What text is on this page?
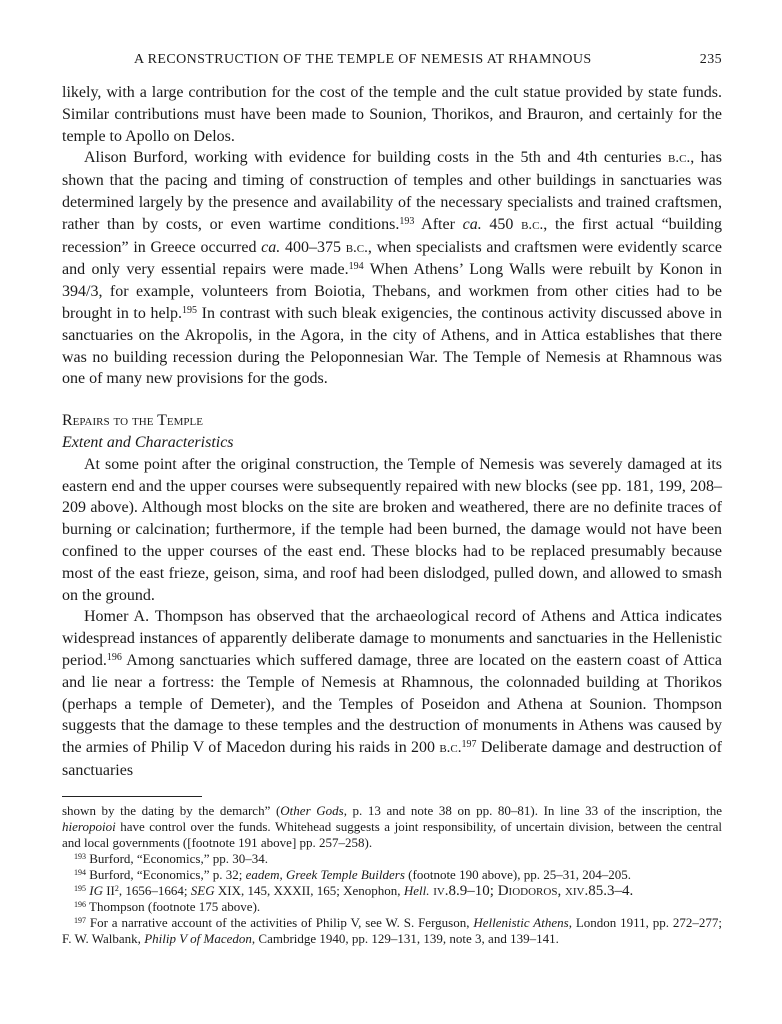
A RECONSTRUCTION OF THE TEMPLE OF NEMESIS AT RHAMNOUS	235

likely, with a large contribution for the cost of the temple and the cult statue provided by state funds. Similar contributions must have been made to Sounion, Thorikos, and Brauron, and certainly for the temple to Apollo on Delos.

Alison Burford, working with evidence for building costs in the 5th and 4th centuries b.c., has shown that the pacing and timing of construction of temples and other buildings in sanctuaries was determined largely by the presence and availability of the necessary specialists and trained craftsmen, rather than by costs, or even wartime conditions.$^{193}$ After ca. 450 b.c., the first actual “building recession” in Greece occurred ca. 400–375 b.c., when specialists and craftsmen were evidently scarce and only very essential repairs were made.$^{194}$ When Athens’ Long Walls were rebuilt by Konon in 394/3, for example, volunteers from Boiotia, Thebans, and workmen from other cities had to be brought in to help.$^{195}$ In contrast with such bleak exigencies, the continous activity discussed above in sanctuaries on the Akropolis, in the Agora, in the city of Athens, and in Attica establishes that there was no building recession during the Peloponnesian War. The Temple of Nemesis at Rhamnous was one of many new provisions for the gods.

Repairs to the Temple
Extent and Characteristics

At some point after the original construction, the Temple of Nemesis was severely damaged at its eastern end and the upper courses were subsequently repaired with new blocks (see pp. 181, 199, 208–209 above). Although most blocks on the site are broken and weathered, there are no definite traces of burning or calcination; furthermore, if the temple had been burned, the damage would not have been confined to the upper courses of the east end. These blocks had to be replaced presumably because most of the east frieze, geison, sima, and roof had been dislodged, pulled down, and allowed to smash on the ground.

Homer A. Thompson has observed that the archaeological record of Athens and Attica indicates widespread instances of apparently deliberate damage to monuments and sanctuaries in the Hellenistic period.$^{196}$ Among sanctuaries which suffered damage, three are located on the eastern coast of Attica and lie near a fortress: the Temple of Nemesis at Rhamnous, the colonnaded building at Thorikos (perhaps a temple of Demeter), and the Temples of Poseidon and Athena at Sounion. Thompson suggests that the damage to these temples and the destruction of monuments in Athens was caused by the armies of Philip V of Macedon during his raids in 200 b.c.$^{197}$ Deliberate damage and destruction of sanctuaries

shown by the dating by the demarch” (Other Gods, p. 13 and note 38 on pp. 80–81). In line 33 of the inscription, the hieropoioi have control over the funds. Whitehead suggests a joint responsibility, of uncertain division, between the central and local governments ([footnote 191 above] pp. 257–258).

$^{193}$ Burford, “Economics,” pp. 30–34.

$^{194}$ Burford, “Economics,” p. 32; eadem, Greek Temple Builders (footnote 190 above), pp. 25–31, 204–205.

$^{195}$ IG $II^2$, 1656–1664; SEG XIX, 145, XXXII, 165; Xenophon, Hell. iv.8.9–10; Diodoros, xiv.85.3–4.

$^{196}$ Thompson (footnote 175 above).

$^{197}$ For a narrative account of the activities of Philip V, see W. S. Ferguson, Hellenistic Athens, London 1911, pp. 272–277; F. W. Walbank, Philip V of Macedon, Cambridge 1940, pp. 129–131, 139, note 3, and 139–141.
